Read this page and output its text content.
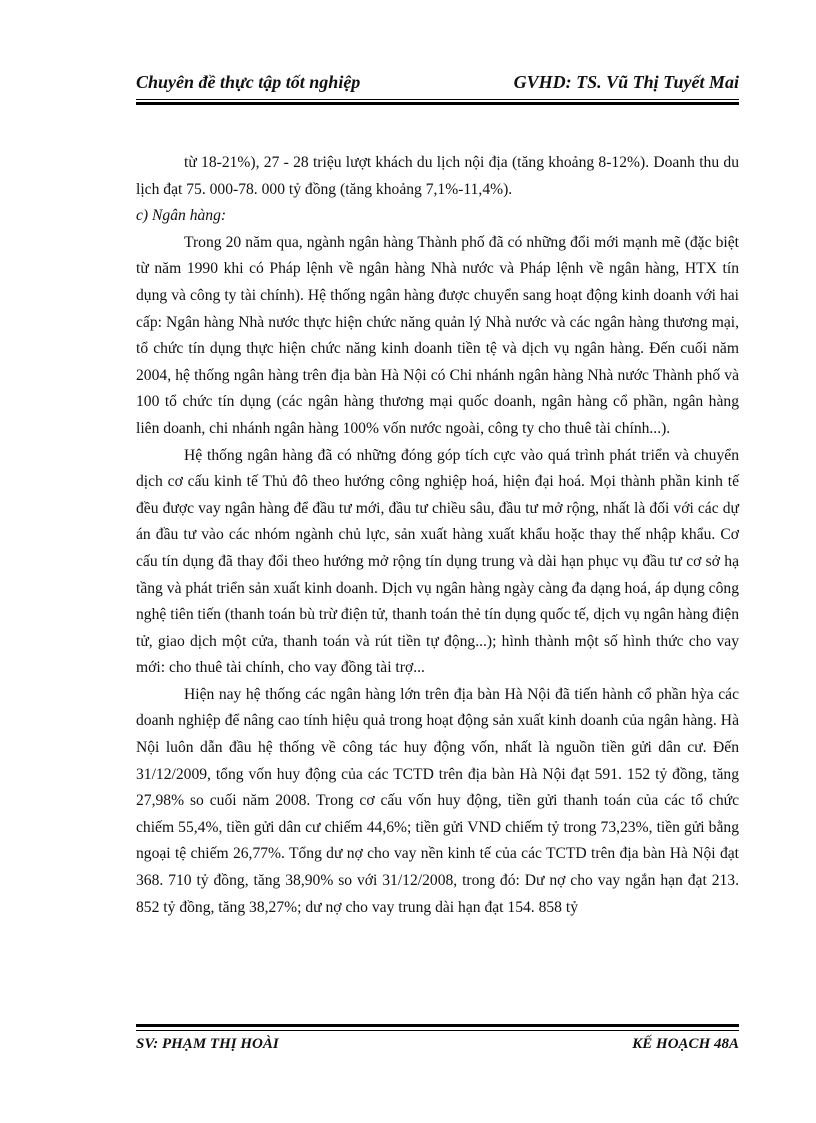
Chuyên đề thực tập tốt nghiệp	GVHD: TS. Vũ Thị Tuyết Mai

từ 18-21%), 27 - 28 triệu lượt khách du lịch nội địa (tăng khoảng 8-12%). Doanh thu du lịch đạt 75. 000-78. 000 tỷ đồng (tăng khoảng 7,1%-11,4%).

c) Ngân hàng:

Trong 20 năm qua, ngành ngân hàng Thành phố đã có những đổi mới mạnh mẽ (đặc biệt từ năm 1990 khi có Pháp lệnh về ngân hàng Nhà nước và Pháp lệnh về ngân hàng, HTX tín dụng và công ty tài chính). Hệ thống ngân hàng được chuyển sang hoạt động kinh doanh với hai cấp: Ngân hàng Nhà nước thực hiện chức năng quản lý Nhà nước và các ngân hàng thương mại, tổ chức tín dụng thực hiện chức năng kinh doanh tiền tệ và dịch vụ ngân hàng. Đến cuối năm 2004, hệ thống ngân hàng trên địa bàn Hà Nội có Chi nhánh ngân hàng Nhà nước Thành phố và 100 tổ chức tín dụng (các ngân hàng thương mại quốc doanh, ngân hàng cổ phần, ngân hàng liên doanh, chi nhánh ngân hàng 100% vốn nước ngoài, công ty cho thuê tài chính...).

Hệ thống ngân hàng đã có những đóng góp tích cực vào quá trình phát triển và chuyển dịch cơ cấu kinh tế Thủ đô theo hướng công nghiệp hoá, hiện đại hoá. Mọi thành phần kinh tế đều được vay ngân hàng để đầu tư mới, đầu tư chiều sâu, đầu tư mở rộng, nhất là đối với các dự án đầu tư vào các nhóm ngành chủ lực, sản xuất hàng xuất khẩu hoặc thay thế nhập khẩu. Cơ cấu tín dụng đã thay đổi theo hướng mở rộng tín dụng trung và dài hạn phục vụ đầu tư cơ sở hạ tầng và phát triển sản xuất kinh doanh. Dịch vụ ngân hàng ngày càng đa dạng hoá, áp dụng công nghệ tiên tiến (thanh toán bù trừ điện tử, thanh toán thẻ tín dụng quốc tế, dịch vụ ngân hàng điện tử, giao dịch một cửa, thanh toán và rút tiền tự động...); hình thành một số hình thức cho vay mới: cho thuê tài chính, cho vay đồng tài trợ...

Hiện nay hệ thống các ngân hàng lớn trên địa bàn Hà Nội đã tiến hành cổ phần hỳa các doanh nghiệp để nâng cao tính hiệu quả trong hoạt động sản xuất kinh doanh của ngân hàng. Hà Nội luôn dẫn đầu hệ thống về công tác huy động vốn, nhất là nguồn tiền gửi dân cư. Đến 31/12/2009, tổng vốn huy động của các TCTD trên địa bàn Hà Nội đạt 591. 152 tỷ đồng, tăng 27,98% so cuối năm 2008. Trong cơ cấu vốn huy động, tiền gửi thanh toán của các tổ chức chiếm 55,4%, tiền gửi dân cư chiếm 44,6%; tiền gửi VND chiếm tỷ trong 73,23%, tiền gửi bằng ngoại tệ chiếm 26,77%. Tổng dư nợ cho vay nền kinh tế của các TCTD trên địa bàn Hà Nội đạt 368. 710 tỷ đồng, tăng 38,90% so với 31/12/2008, trong đó: Dư nợ cho vay ngắn hạn đạt 213. 852 tỷ đồng, tăng 38,27%; dư nợ cho vay trung dài hạn đạt 154. 858 tỷ

SV: PHẠM THỊ HOÀI	KẾ HOẠCH 48A
